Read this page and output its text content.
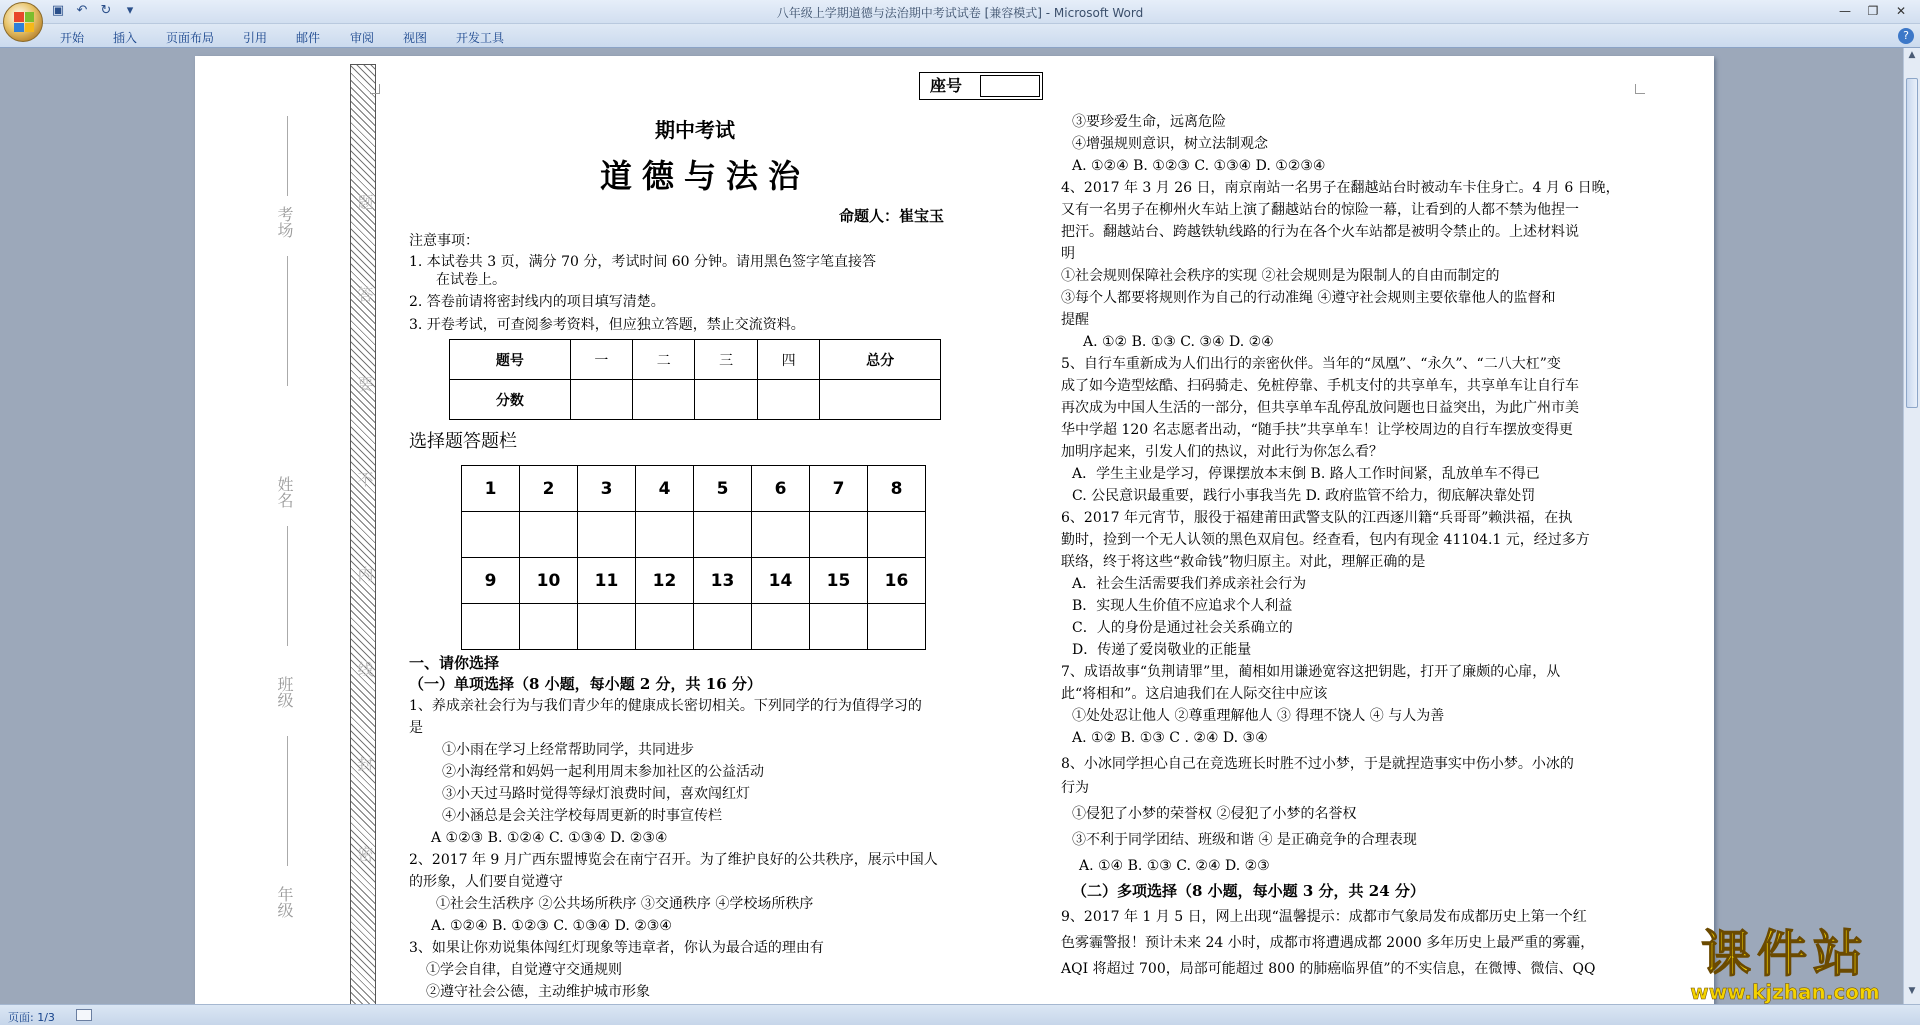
▣ ↶ ↻	▾	八年级上学期道德与法治期中考试试卷 [兼容模式] - Microsoft Word	—	❐	✕
开始 插入 页面布局 引用 邮件 审阅 视图 开发工具	?
考场
姓名
班级
年级
题
答
要
不
内
线
封
密
座号
期中考试
道德与法治
命题人：崔宝玉
注意事项：
1. 本试卷共 3 页，满分 70 分，考试时间 60 分钟。请用黑色签字笔直接答
在试卷上。
2. 答卷前请将密封线内的项目填写清楚。
3. 开卷考试，可查阅参考资料，但应独立答题，禁止交流资料。
题号	一	二	三	四	总分
分数					
选择题答题栏
1	2	3	4	5	6	7	8

9	10	11	12	13	14	15	16

一、请你选择
（一）单项选择（8 小题，每小题 2 分，共 16 分）
1、养成亲社会行为与我们青少年的健康成长密切相关。下列同学的行为值得学习的
是
①小雨在学习上经常帮助同学，共同进步
②小海经常和妈妈一起利用周末参加社区的公益活动
③小天过马路时觉得等绿灯浪费时间，喜欢闯红灯
④小涵总是会关注学校每周更新的时事宣传栏
A ①②③ B. ①②④ C. ①③④ D. ②③④
2、2017 年 9 月广西东盟博览会在南宁召开。为了维护良好的公共秩序，展示中国人
的形象，人们要自觉遵守
①社会生活秩序 ②公共场所秩序 ③交通秩序 ④学校场所秩序
A. ①②④ B. ①②③ C. ①③④ D. ②③④
3、如果让你劝说集体闯红灯现象等违章者，你认为最合适的理由有
①学会自律，自觉遵守交通规则
②遵守社会公德，主动维护城市形象
③要珍爱生命，远离危险
④增强规则意识，树立法制观念
A. ①②④ B. ①②③ C. ①③④ D. ①②③④
4、2017 年 3 月 26 日，南京南站一名男子在翻越站台时被动车卡住身亡。4 月 6 日晚，
又有一名男子在柳州火车站上演了翻越站台的惊险一幕，让看到的人都不禁为他捏一
把汗。翻越站台、跨越铁轨线路的行为在各个火车站都是被明令禁止的。上述材料说
明
①社会规则保障社会秩序的实现 ②社会规则是为限制人的自由而制定的
③每个人都要将规则作为自己的行动准绳 ④遵守社会规则主要依靠他人的监督和
提醒
A. ①② B. ①③ C. ③④ D. ②④
5、自行车重新成为人们出行的亲密伙伴。当年的“凤凰”、“永久”、“二八大杠”变
成了如今造型炫酷、扫码骑走、免桩停靠、手机支付的共享单车，共享单车让自行车
再次成为中国人生活的一部分，但共享单车乱停乱放问题也日益突出，为此广州市美
华中学超 120 名志愿者出动，“随手扶”共享单车！让学校周边的自行车摆放变得更
加明序起来，引发人们的热议，对此行为你怎么看？
A．学生主业是学习，停课摆放本末倒 B. 路人工作时间紧，乱放单车不得已
C. 公民意识最重要，践行小事我当先 D. 政府监管不给力，彻底解决靠处罚
6、2017 年元宵节，服役于福建莆田武警支队的江西逐川籍“兵哥哥”赖洪福，在执
勤时，捡到一个无人认领的黑色双肩包。经查看，包内有现金 41104.1 元，经过多方
联络，终于将这些“救命钱”物归原主。对此，理解正确的是
A．社会生活需要我们养成亲社会行为
B．实现人生价值不应追求个人利益
C．人的身份是通过社会关系确立的
D．传递了爱岗敬业的正能量
7、成语故事“负荆请罪”里，蔺相如用谦逊宽容这把钥匙，打开了廉颇的心扉，从
此“将相和”。这启迪我们在人际交往中应该
①处处忍让他人 ②尊重理解他人 ③ 得理不饶人 ④ 与人为善
A. ①② B. ①③ C . ②④ D. ③④
8、小冰同学担心自己在竞选班长时胜不过小梦，于是就捏造事实中伤小梦。小冰的
行为
①侵犯了小梦的荣誉权 ②侵犯了小梦的名誉权
③不利于同学团结、班级和谐 ④ 是正确竞争的合理表现
A. ①④ B. ①③ C. ②④ D. ②③
（二）多项选择（8 小题，每小题 3 分，共 24 分）
9、2017 年 1 月 5 日，网上出现“温馨提示：成都市气象局发布成都历史上第一个红
色雾霾警报！预计未来 24 小时，成都市将遭遇成都 2000 多年历史上最严重的雾霾，
AQI 将超过 700，局部可能超过 800 的肺癌临界值”的不实信息，在微博、微信、QQ
▲
▼
课件站
www.kjzhan.com
页面: 1/3
